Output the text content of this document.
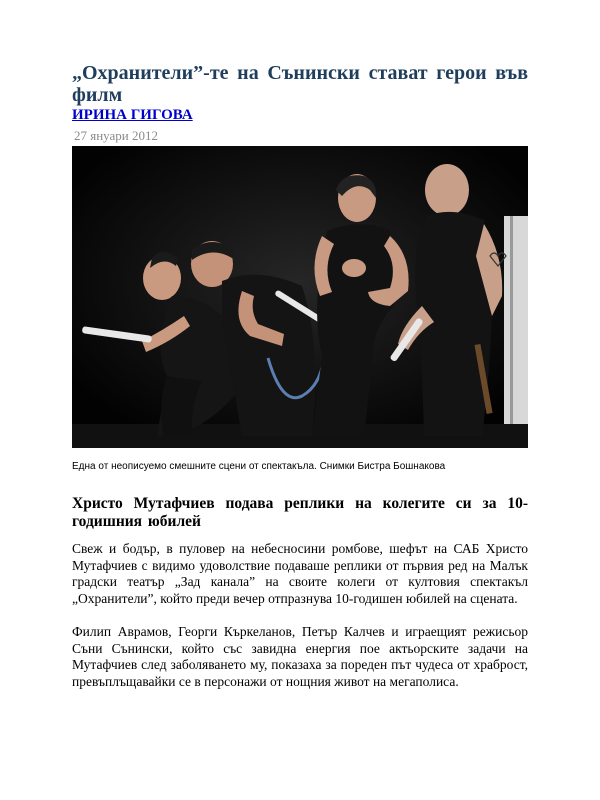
„Охранители”-те на Сънински стават герои във филм
ИРИНА ГИГОВА
27 януари 2012
Една от неописуемо смешните сцени от спектакъла. Снимки Бистра Бошнакова
Христо Мутафчиев подава реплики на колегите си за 10-годишния юбилей

Свеж и бодър, в пуловер на небесносини ромбове, шефът на САБ Христо Мутафчиев с видимо удоволствие подаваше реплики от първия ред на Малък градски театър „Зад канала” на своите колеги от култовия спектакъл „Охранители”, който преди вечер отпразнува 10-годишен юбилей на сцената.

Филип Аврамов, Георги Къркеланов, Петър Калчев и играещият режисьор Съни Сънински, който със завидна енергия пое актьорските задачи на Мутафчиев след заболяването му, показаха за пореден път чудеса от храброст, превъплъщавайки се в персонажи от нощния живот на мегаполиса.
